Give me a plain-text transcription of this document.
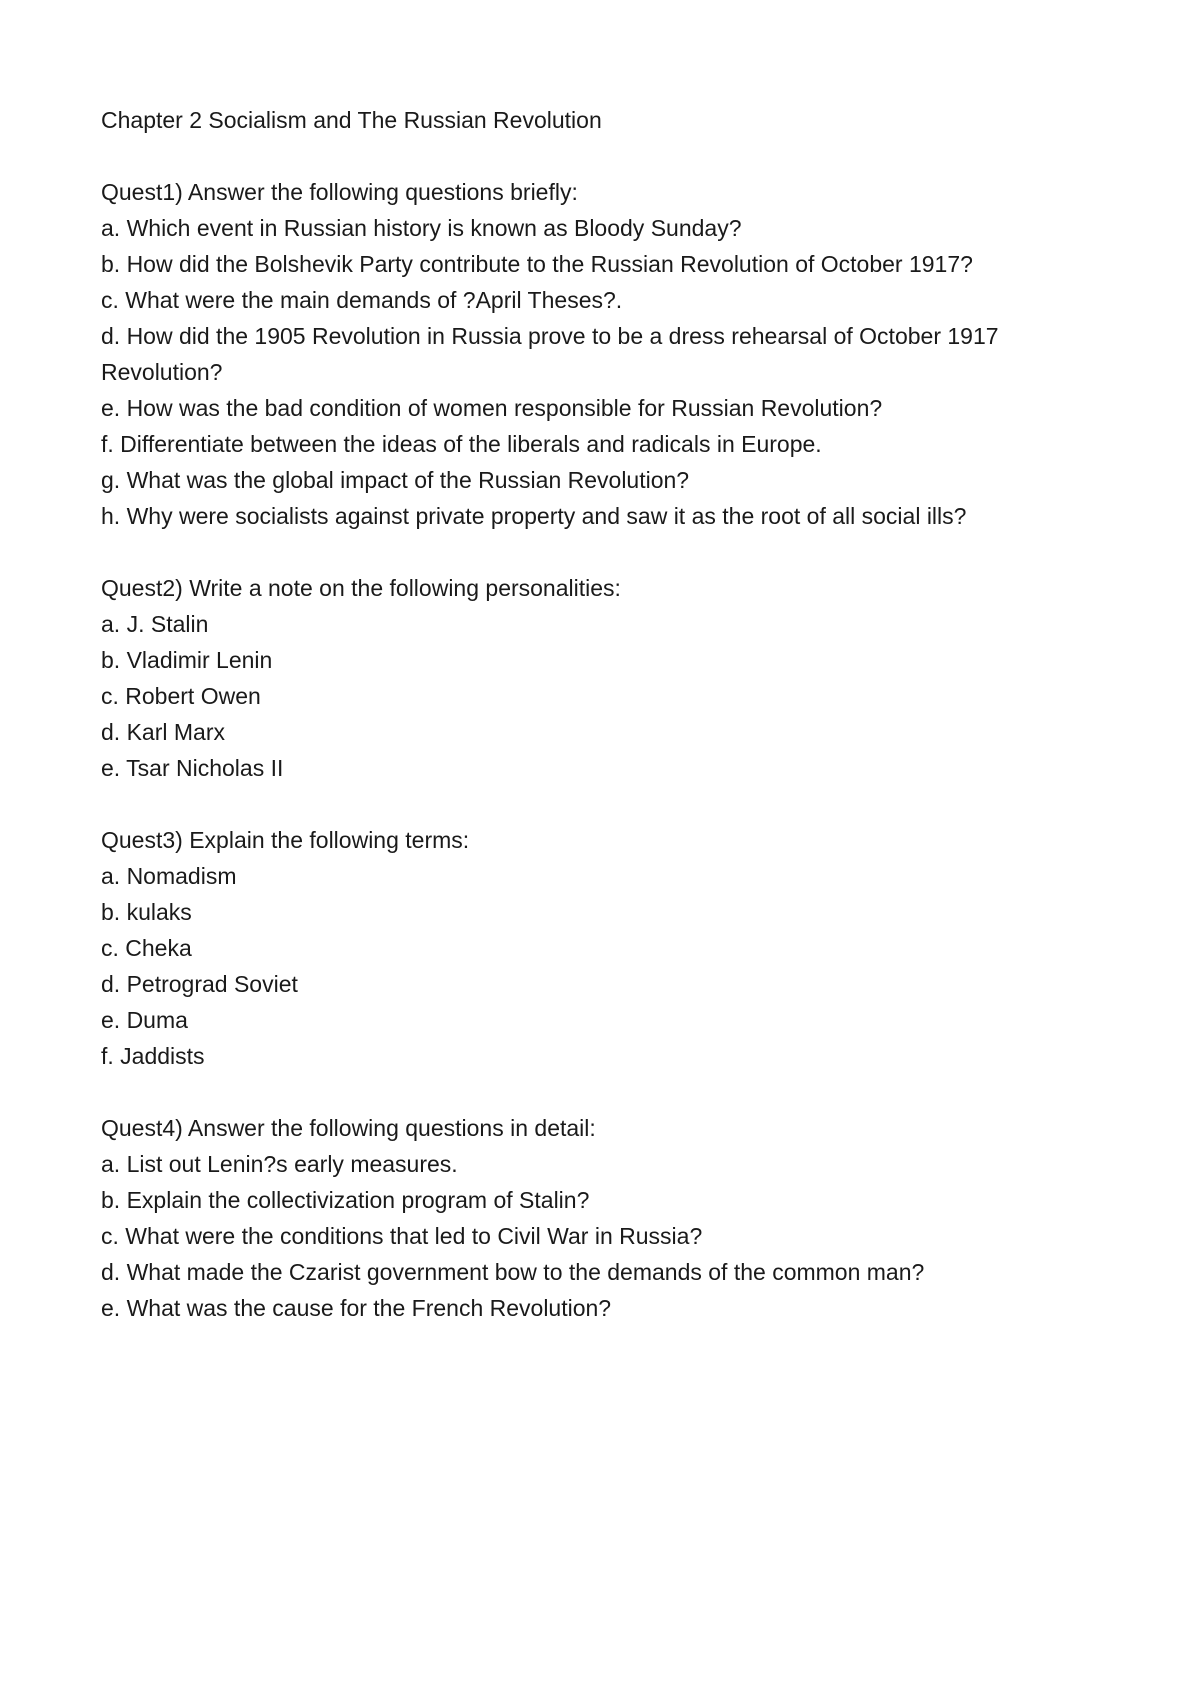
Chapter 2 Socialism and The Russian Revolution

Quest1) Answer the following questions briefly:

a. Which event in Russian history is known as Bloody Sunday?

b. How did the Bolshevik Party contribute to the Russian Revolution of October 1917?

c. What were the main demands of ?April Theses?.

d. How did the 1905 Revolution in Russia prove to be a dress rehearsal of October 1917 Revolution?

e. How was the bad condition of women responsible for Russian Revolution?

f. Differentiate between the ideas of the liberals and radicals in Europe.

g. What was the global impact of the Russian Revolution?

h. Why were socialists against private property and saw it as the root of all social ills?

Quest2) Write a note on the following personalities:

a. J. Stalin

b. Vladimir Lenin

c. Robert Owen

d. Karl Marx

e. Tsar Nicholas II

Quest3) Explain the following terms:

a. Nomadism

b. kulaks

c. Cheka

d. Petrograd Soviet

e. Duma

f. Jaddists

Quest4) Answer the following questions in detail:

a. List out Lenin?s early measures.

b. Explain the collectivization program of Stalin?

c. What were the conditions that led to Civil War in Russia?

d. What made the Czarist government bow to the demands of the common man?

e. What was the cause for the French Revolution?
